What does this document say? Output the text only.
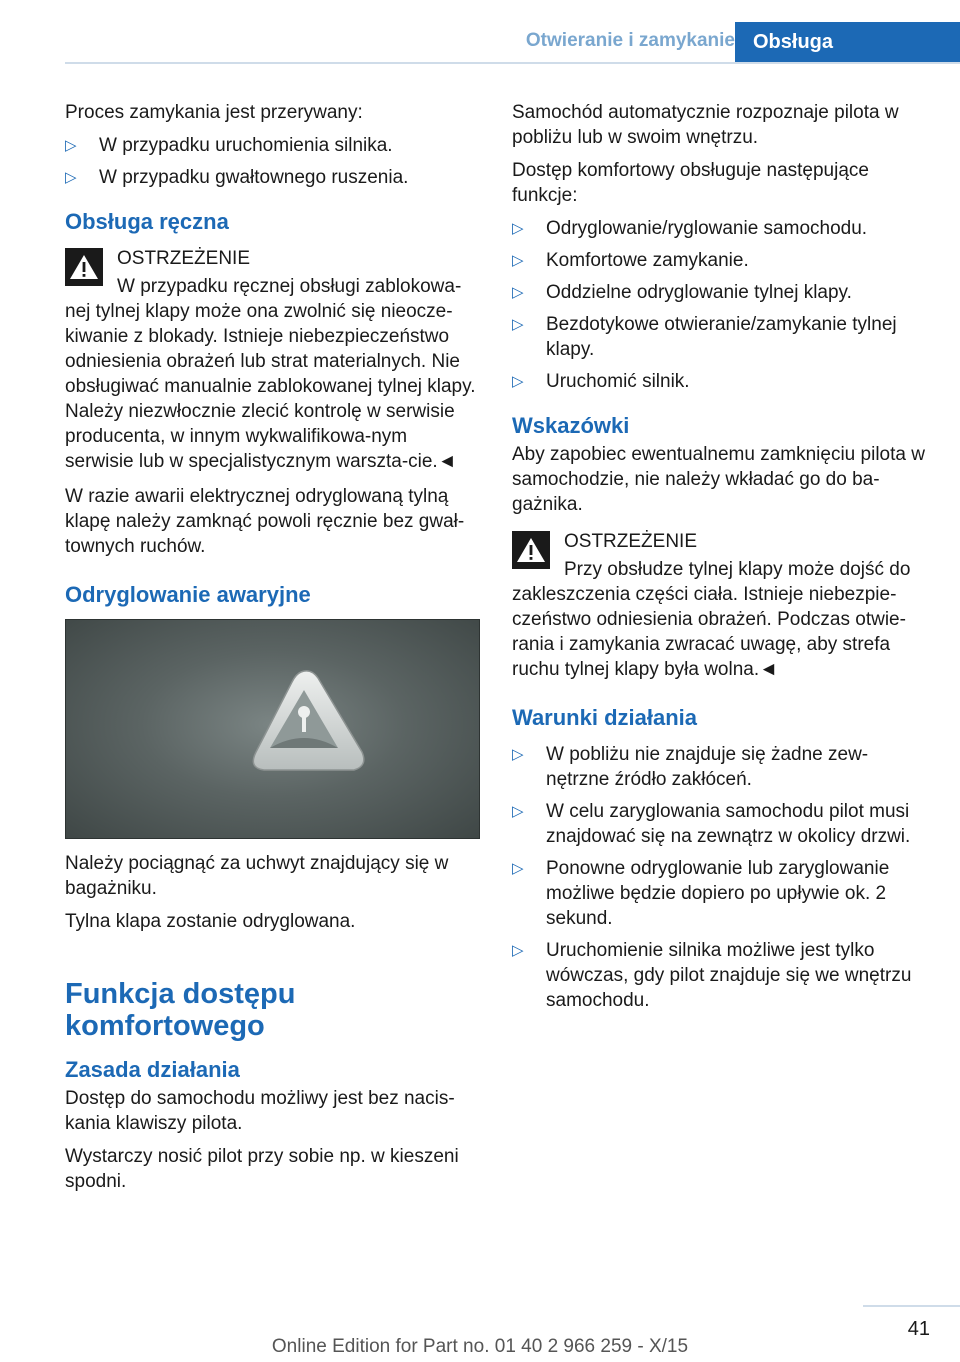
Otwieranie i zamykanie Obsługa

Proces zamykania jest przerywany:

▷ W przypadku uruchomienia silnika.
▷ W przypadku gwałtownego ruszenia.
Obsługa ręczna
OSTRZEŻENIE
W przypadku ręcznej obsługi zablokowa‐nej tylnej klapy może ona zwolnić się nieocze‐kiwanie z blokady. Istnieje niebezpieczeństwo odniesienia obrażeń lub strat materialnych. Nie obsługiwać manualnie zablokowanej tylnej klapy. Należy niezwłocznie zlecić kontrolę w serwisie producenta, w innym wykwalifikowa‐nym serwisie lub w specjalistycznym warszta‐cie.◄

W razie awarii elektrycznej odryglowaną tylną klapę należy zamknąć powoli ręcznie bez gwał‐townych ruchów.

Odryglowanie awaryjne

Należy pociągnąć za uchwyt znajdujący się w bagażniku.

Tylna klapa zostanie odryglowana.

Funkcja dostępu komfortowego
Zasada działania

Dostęp do samochodu możliwy jest bez nacis‐kania klawiszy pilota.

Wystarczy nosić pilot przy sobie np. w kieszeni spodni.

Samochód automatycznie rozpoznaje pilota w pobliżu lub w swoim wnętrzu.

Dostęp komfortowy obsługuje następujące funkcje:

▷ Odryglowanie/ryglowanie samochodu.
▷ Komfortowe zamykanie.
▷ Oddzielne odryglowanie tylnej klapy.
▷ Bezdotykowe otwieranie/zamykanie tylnej klapy.
▷ Uruchomić silnik.
Wskazówki

Aby zapobiec ewentualnemu zamknięciu pilota w samochodzie, nie należy wkładać go do ba‐gażnika.

OSTRZEŻENIE
Przy obsłudze tylnej klapy może dojść do zakleszczenia części ciała. Istnieje niebezpie‐czeństwo odniesienia obrażeń. Podczas otwie‐rania i zamykania zwracać uwagę, aby strefa ruchu tylnej klapy była wolna.◄
Warunki działania
▷ W pobliżu nie znajduje się żadne zew‐nętrzne źródło zakłóceń.
▷ W celu zaryglowania samochodu pilot musi znajdować się na zewnątrz w okolicy drzwi.
▷ Ponowne odryglowanie lub zaryglowanie możliwe będzie dopiero po upływie ok. 2 sekund.
▷ Uruchomienie silnika możliwe jest tylko wówczas, gdy pilot znajduje się we wnętrzu samochodu.
41
Online Edition for Part no. 01 40 2 966 259 - X/15
